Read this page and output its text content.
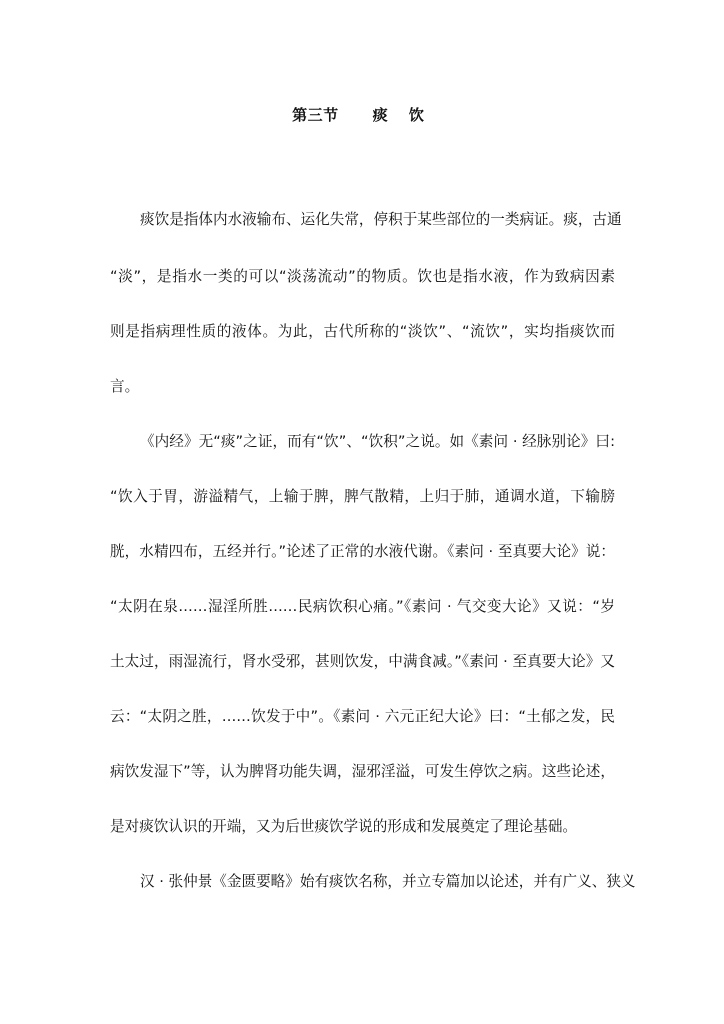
第三节 痰 饮
痰饮是指体内水液输布、运化失常，停积于某些部位的一类病证。痰，古通
“淡”，是指水一类的可以“淡荡流动”的物质。饮也是指水液，作为致病因素
则是指病理性质的液体。为此，古代所称的“淡饮”、“流饮”，实均指痰饮而
言。
《内经》无“痰”之证，而有“饮”、“饮积”之说。如《素问 · 经脉别论》曰:
“饮入于胃，游溢精气，上输于脾，脾气散精，上归于肺，通调水道，下输膀
胱，水精四布，五经并行。”论述了正常的水液代谢。《素问 · 至真要大论》说：
“太阴在泉……湿淫所胜……民病饮积心痛。”《素问 · 气交变大论》又说：“岁
土太过，雨湿流行，肾水受邪，甚则饮发，中满食减。”《素问 · 至真要大论》又
云：“太阴之胜，……饮发于中”。《素问 · 六元正纪大论》曰：“土郁之发，民
病饮发湿下”等，认为脾肾功能失调，湿邪淫溢，可发生停饮之病。这些论述，
是对痰饮认识的开端，又为后世痰饮学说的形成和发展奠定了理论基础。
汉 · 张仲景《金匮要略》始有痰饮名称，并立专篇加以论述，并有广义、狭义
